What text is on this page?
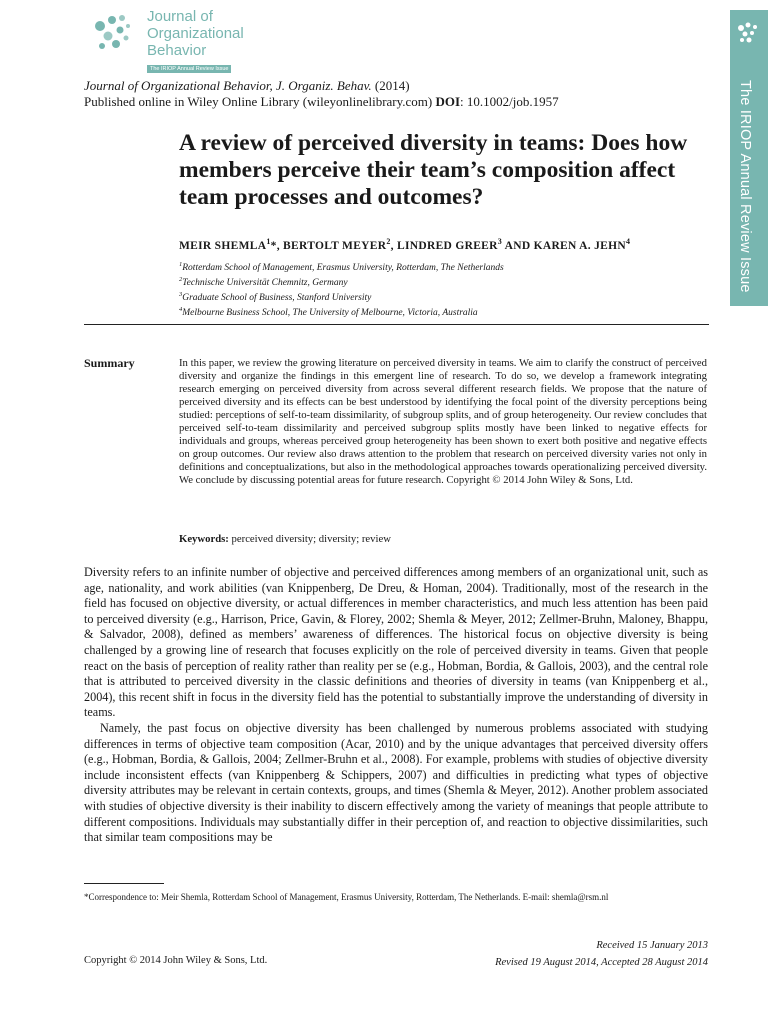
Journal of
Organizational
Behavior
The IRIOP Annual Review Issue
The IRIOP Annual Review Issue
Journal of Organizational Behavior, J. Organiz. Behav. (2014)
Published online in Wiley Online Library (wileyonlinelibrary.com) DOI: 10.1002/job.1957
A review of perceived diversity in teams: Does how members perceive their team’s composition affect team processes and outcomes?
MEIR SHEMLA$^1$*, BERTOLT MEYER$^2$, LINDRED GREER$^3$ AND KAREN A. JEHN$^4$
$^1$Rotterdam School of Management, Erasmus University, Rotterdam, The Netherlands
$^2$Technische Universität Chemnitz, Germany
$^3$Graduate School of Business, Stanford University
$^4$Melbourne Business School, The University of Melbourne, Victoria, Australia
Summary	In this paper, we review the growing literature on perceived diversity in teams. We aim to clarify the construct of perceived diversity and organize the findings in this emergent line of research. To do so, we develop a framework integrating research emerging on perceived diversity from across several different research fields. We propose that the nature of perceived diversity and its effects can be best understood by identifying the focal point of the diversity perceptions being studied: perceptions of self-to-team dissimilarity, of subgroup splits, and of group heterogeneity. Our review concludes that perceived self-to-team dissimilarity and perceived subgroup splits mostly have been linked to negative effects for individuals and groups, whereas perceived group heterogeneity has been shown to exert both positive and negative effects on group outcomes. Our review also draws attention to the problem that research on perceived diversity varies not only in definitions and conceptualizations, but also in the methodological approaches towards operationalizing perceived diversity. We conclude by discussing potential areas for future research. Copyright © 2014 John Wiley & Sons, Ltd.

Keywords: perceived diversity; diversity; review

Diversity refers to an infinite number of objective and perceived differences among members of an organizational unit, such as age, nationality, and work abilities (van Knippenberg, De Dreu, & Homan, 2004). Traditionally, most of the research in the field has focused on objective diversity, or actual differences in member characteristics, and much less attention has been paid to perceived diversity (e.g., Harrison, Price, Gavin, & Florey, 2002; Shemla & Meyer, 2012; Zellmer-Bruhn, Maloney, Bhappu, & Salvador, 2008), defined as members’ awareness of differences. The historical focus on objective diversity is being challenged by a growing line of research that focuses explicitly on the role of perceived diversity in teams. Given that people react on the basis of perception of reality rather than reality per se (e.g., Hobman, Bordia, & Gallois, 2003), and the central role that is attributed to perceived diversity in the classic definitions and theories of diversity in teams (van Knippenberg et al., 2004), this recent shift in focus in the diversity field has the potential to substantially improve the understanding of diversity in teams.

Namely, the past focus on objective diversity has been challenged by numerous problems associated with studying differences in terms of objective team composition (Acar, 2010) and by the unique advantages that perceived diversity offers (e.g., Hobman, Bordia, & Gallois, 2004; Zellmer-Bruhn et al., 2008). For example, problems with studies of objective diversity include inconsistent effects (van Knippenberg & Schippers, 2007) and difficulties in predicting what types of objective diversity attributes may be relevant in certain contexts, groups, and times (Shemla & Meyer, 2012). Another problem associated with studies of objective diversity is their inability to discern effectively among the variety of meanings that people attribute to different compositions. Individuals may substantially differ in their perception of, and reaction to objective dissimilarities, such that similar team compositions may be

*Correspondence to: Meir Shemla, Rotterdam School of Management, Erasmus University, Rotterdam, The Netherlands. E-mail: shemla@rsm.nl
Received 15 January 2013
Revised 19 August 2014, Accepted 28 August 2014
Copyright © 2014 John Wiley & Sons, Ltd.
